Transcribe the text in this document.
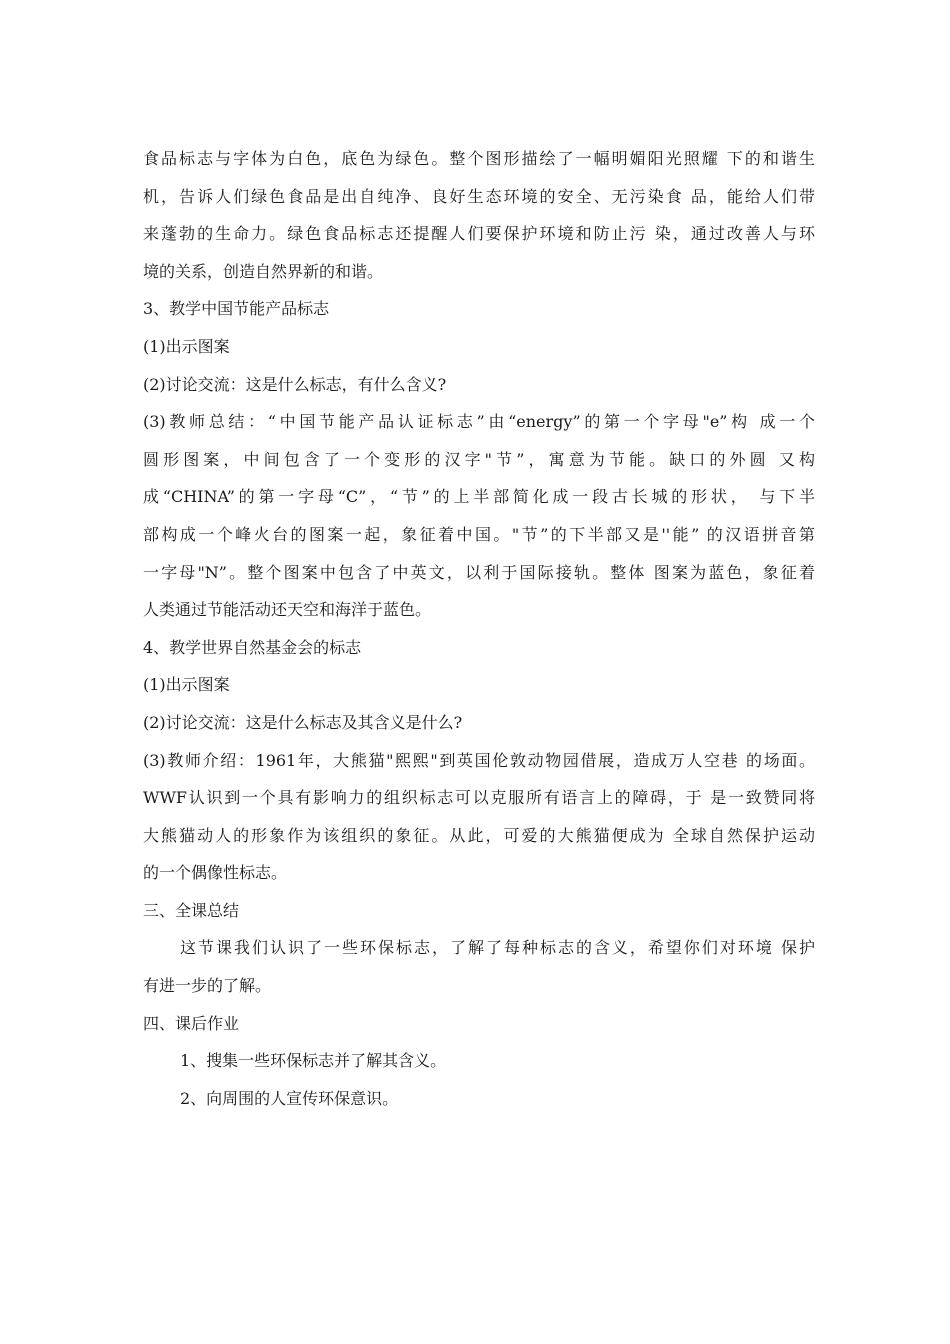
食品标志与字体为白色，底色为绿色。整个图形描绘了一幅明媚阳光照耀 下的和谐生
机，告诉人们绿色食品是出自纯净、良好生态环境的安全、无污染食 品，能给人们带
来蓬勃的生命力。绿色食品标志还提醒人们要保护环境和防止污 染，通过改善人与环
境的关系，创造自然界新的和谐。
3、教学中国节能产品标志
(1)出示图案
(2)讨论交流：这是什么标志，有什么含义?
(3)教师总结：“中国节能产品认证标志”由“energy”的第一个字母"e”构 成一个
圆形图案，中间包含了一个变形的汉字"节”，寓意为节能。缺口的外圆 又构
成“CHINA”的第一字母“C”，“节”的上半部简化成一段古长城的形状， 与下半
部构成一个峰火台的图案一起，象征着中国。"节”的下半部又是''能” 的汉语拼音第
一字母"N”。整个图案中包含了中英文，以利于国际接轨。整体 图案为蓝色，象征着
人类通过节能活动还天空和海洋于蓝色。
4、教学世界自然基金会的标志
(1)出示图案
(2)讨论交流：这是什么标志及其含义是什么?
(3)教师介绍：1961年，大熊猫"熙熙"到英国伦敦动物园借展，造成万人空巷 的场面。
WWF认识到一个具有影响力的组织标志可以克服所有语言上的障碍，于 是一致赞同将
大熊猫动人的形象作为该组织的象征。从此，可爱的大熊猫便成为 全球自然保护运动
的一个偶像性标志。
三、全课总结
这节课我们认识了一些环保标志，了解了每种标志的含义，希望你们对环境 保护
有进一步的了解。
四、课后作业
1、搜集一些环保标志并了解其含义。
2、向周围的人宣传环保意识。
